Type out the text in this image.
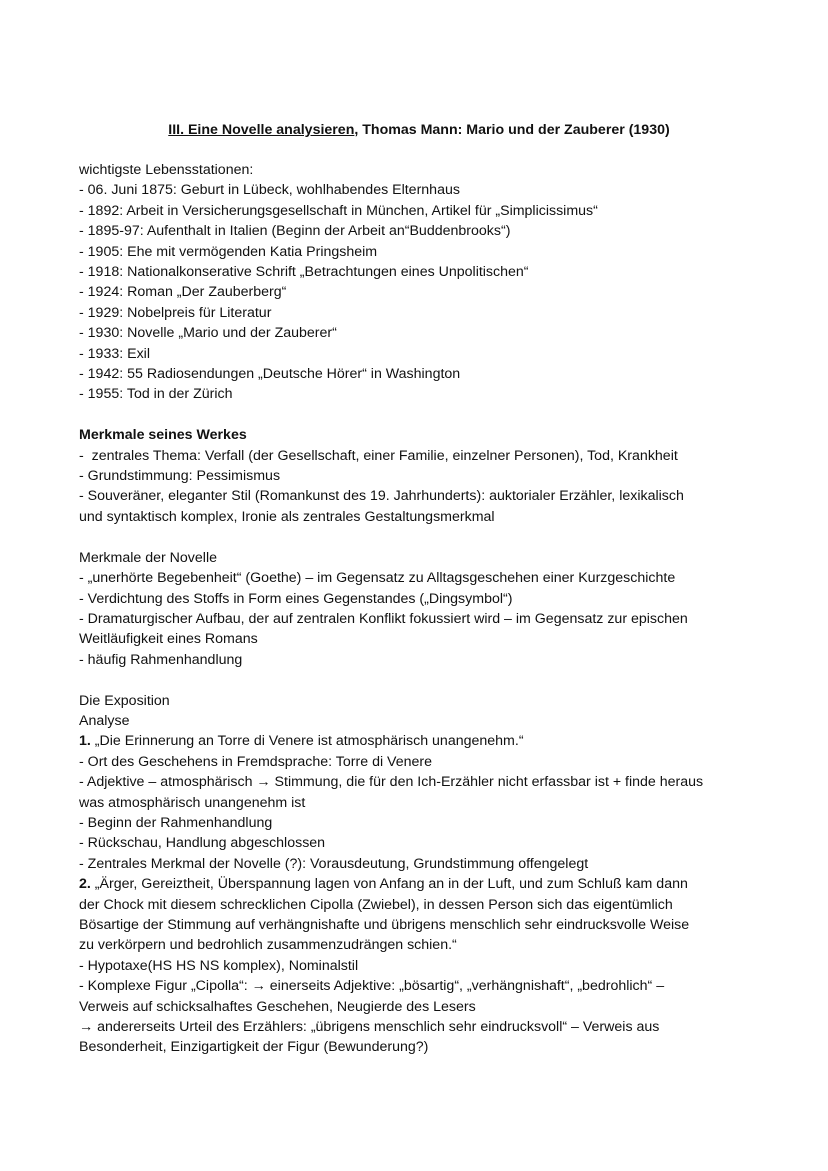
III. Eine Novelle analysieren, Thomas Mann: Mario und der Zauberer (1930)

wichtigste Lebensstationen:

- 06. Juni 1875: Geburt in Lübeck, wohlhabendes Elternhaus

- 1892: Arbeit in Versicherungsgesellschaft in München, Artikel für „Simplicissimus“

- 1895-97: Aufenthalt in Italien (Beginn der Arbeit an“Buddenbrooks“)

- 1905: Ehe mit vermögenden Katia Pringsheim

- 1918: Nationalkonserative Schrift „Betrachtungen eines Unpolitischen“

- 1924: Roman „Der Zauberberg“

- 1929: Nobelpreis für Literatur

- 1930: Novelle „Mario und der Zauberer“

- 1933: Exil

- 1942: 55 Radiosendungen „Deutsche Hörer“ in Washington

- 1955: Tod in der Zürich

Merkmale seines Werkes

-  zentrales Thema: Verfall (der Gesellschaft, einer Familie, einzelner Personen), Tod, Krankheit

- Grundstimmung: Pessimismus

- Souveräner, eleganter Stil (Romankunst des 19. Jahrhunderts): auktorialer Erzähler, lexikalisch

und syntaktisch komplex, Ironie als zentrales Gestaltungsmerkmal

Merkmale der Novelle

- „unerhörte Begebenheit“ (Goethe) – im Gegensatz zu Alltagsgeschehen einer Kurzgeschichte

- Verdichtung des Stoffs in Form eines Gegenstandes („Dingsymbol“)

- Dramaturgischer Aufbau, der auf zentralen Konflikt fokussiert wird – im Gegensatz zur epischen

Weitläufigkeit eines Romans

- häufig Rahmenhandlung

Die Exposition

Analyse

1. „Die Erinnerung an Torre di Venere ist atmosphärisch unangenehm.“

- Ort des Geschehens in Fremdsprache: Torre di Venere

- Adjektive – atmosphärisch → Stimmung, die für den Ich-Erzähler nicht erfassbar ist + finde heraus

was atmosphärisch unangenehm ist

- Beginn der Rahmenhandlung

- Rückschau, Handlung abgeschlossen

- Zentrales Merkmal der Novelle (?): Vorausdeutung, Grundstimmung offengelegt

2. „Ärger, Gereiztheit, Überspannung lagen von Anfang an in der Luft, und zum Schluß kam dann

der Chock mit diesem schrecklichen Cipolla (Zwiebel), in dessen Person sich das eigentümlich

Bösartige der Stimmung auf verhängnishafte und übrigens menschlich sehr eindrucksvolle Weise

zu verkörpern und bedrohlich zusammenzudrängen schien.“

- Hypotaxe(HS HS NS komplex), Nominalstil

- Komplexe Figur „Cipolla“: → einerseits Adjektive: „bösartig“, „verhängnishaft“, „bedrohlich“ –

Verweis auf schicksalhaftes Geschehen, Neugierde des Lesers

→ andererseits Urteil des Erzählers: „übrigens menschlich sehr eindrucksvoll“ – Verweis aus

Besonderheit, Einzigartigkeit der Figur (Bewunderung?)
